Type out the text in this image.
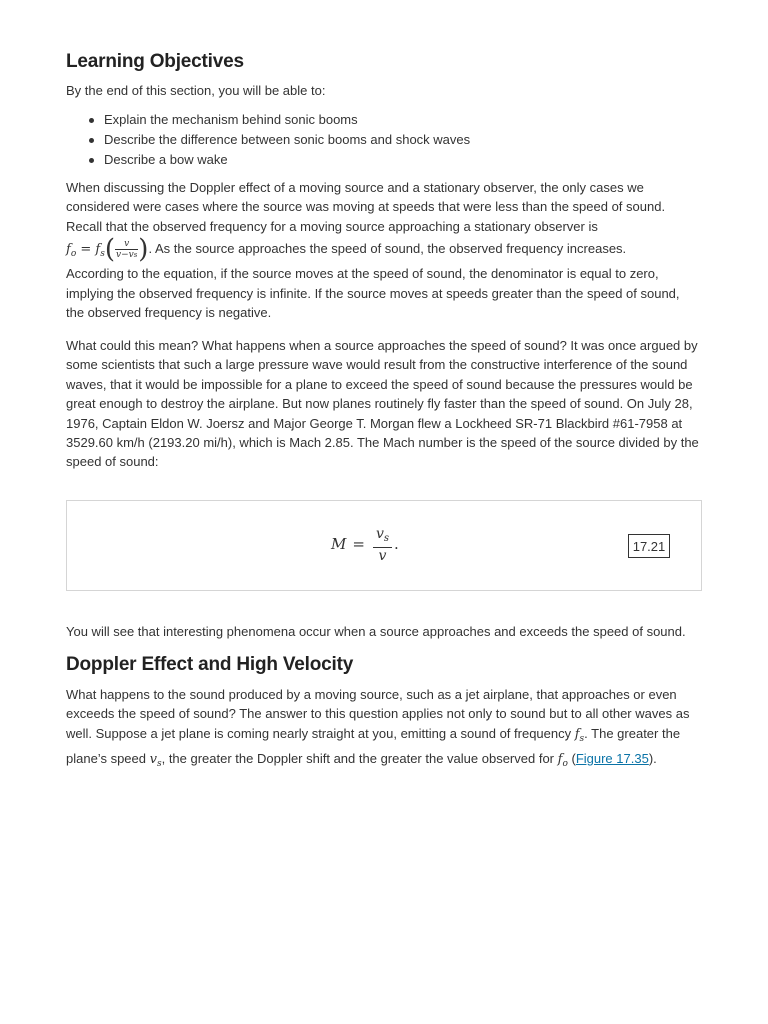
Learning Objectives

By the end of this section, you will be able to:

Explain the mechanism behind sonic booms
Describe the difference between sonic booms and shock waves
Describe a bow wake

When discussing the Doppler effect of a moving source and a stationary observer, the only cases we

considered were cases where the source was moving at speeds that were less than the speed of sound.

Recall that the observed frequency for a moving source approaching a stationary observer is

$f_o = f_s( \frac{v}{v-vs}$ ). As the source approaches the speed of sound, the observed frequency increases.

According to the equation, if the source moves at the speed of sound, the denominator is equal to zero,

implying the observed frequency is infinite. If the source moves at speeds greater than the speed of sound,

the observed frequency is negative.

What could this mean? What happens when a source approaches the speed of sound? It was once argued by some scientists that such a large pressure wave would result from the constructive interference of the sound waves, that it would be impossible for a plane to exceed the speed of sound because the pressures would be great enough to destroy the airplane. But now planes routinely fly faster than the speed of sound. On July 28, 1976, Captain Eldon W. Joersz and Major George T. Morgan flew a Lockheed SR-71 Blackbird #61-7958 at 3529.60 km/h (2193.20 mi/h), which is Mach 2.85. The Mach number is the speed of the source divided by the speed of sound:

$M = \frac{v_s}{v}$ .	17.21

You will see that interesting phenomena occur when a source approaches and exceeds the speed of sound.

Doppler Effect and High Velocity

What happens to the sound produced by a moving source, such as a jet airplane, that approaches or even exceeds the speed of sound? The answer to this question applies not only to sound but to all other waves as well. Suppose a jet plane is coming nearly straight at you, emitting a sound of frequency $f_s$. The greater the plane’s speed $v_s$, the greater the Doppler shift and the greater the value observed for $f_o$ (Figure 17.35).
